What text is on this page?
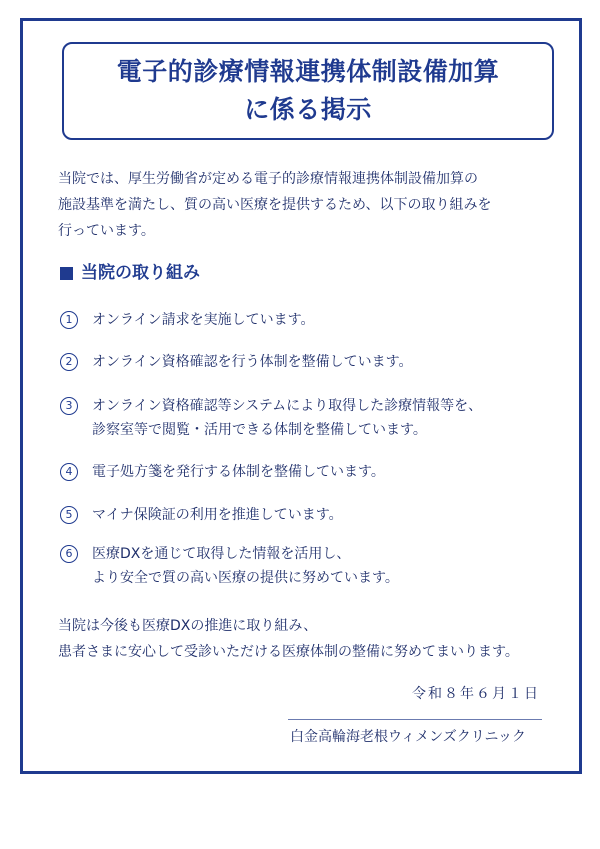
電子的診療情報連携体制設備加算
に係る掲示
当院では、厚生労働省が定める電子的診療情報連携体制設備加算の
施設基準を満たし、質の高い医療を提供するため、以下の取り組みを
行っています。
当院の取り組み
1	オンライン請求を実施しています。
2	オンライン資格確認を行う体制を整備しています。
3	オンライン資格確認等システムにより取得した診療情報等を、
診察室等で閲覧・活用できる体制を整備しています。
4	電子処方箋を発行する体制を整備しています。
5	マイナ保険証の利用を推進しています。
6	医療DXを通じて取得した情報を活用し、
より安全で質の高い医療の提供に努めています。
当院は今後も医療DXの推進に取り組み、
患者さまに安心して受診いただける医療体制の整備に努めてまいります。
令和８年６月１日
白金高輪海老根ウィメンズクリニック
